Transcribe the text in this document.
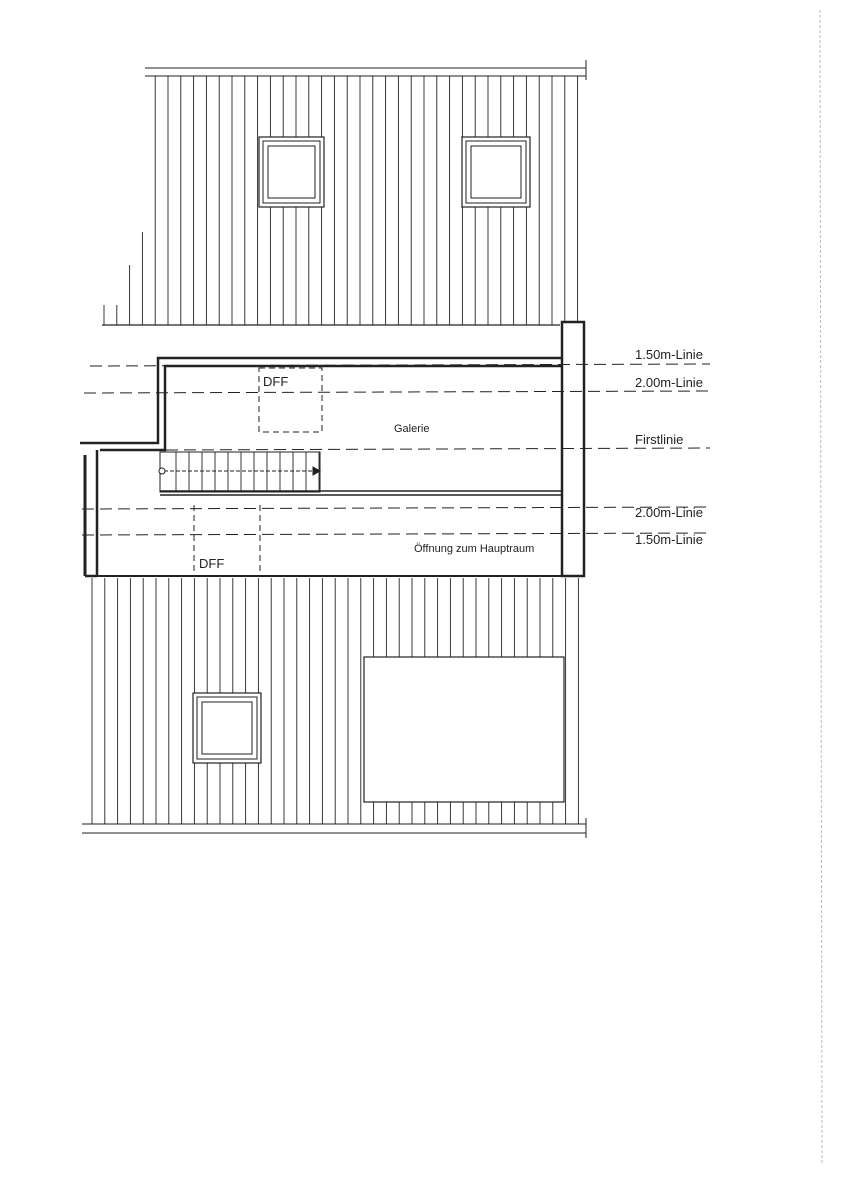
DFF
Galerie
DFF
Öffnung zum Hauptraum
1.50m-Linie
2.00m-Linie
Firstlinie
2.00m-Linie
1.50m-Linie
